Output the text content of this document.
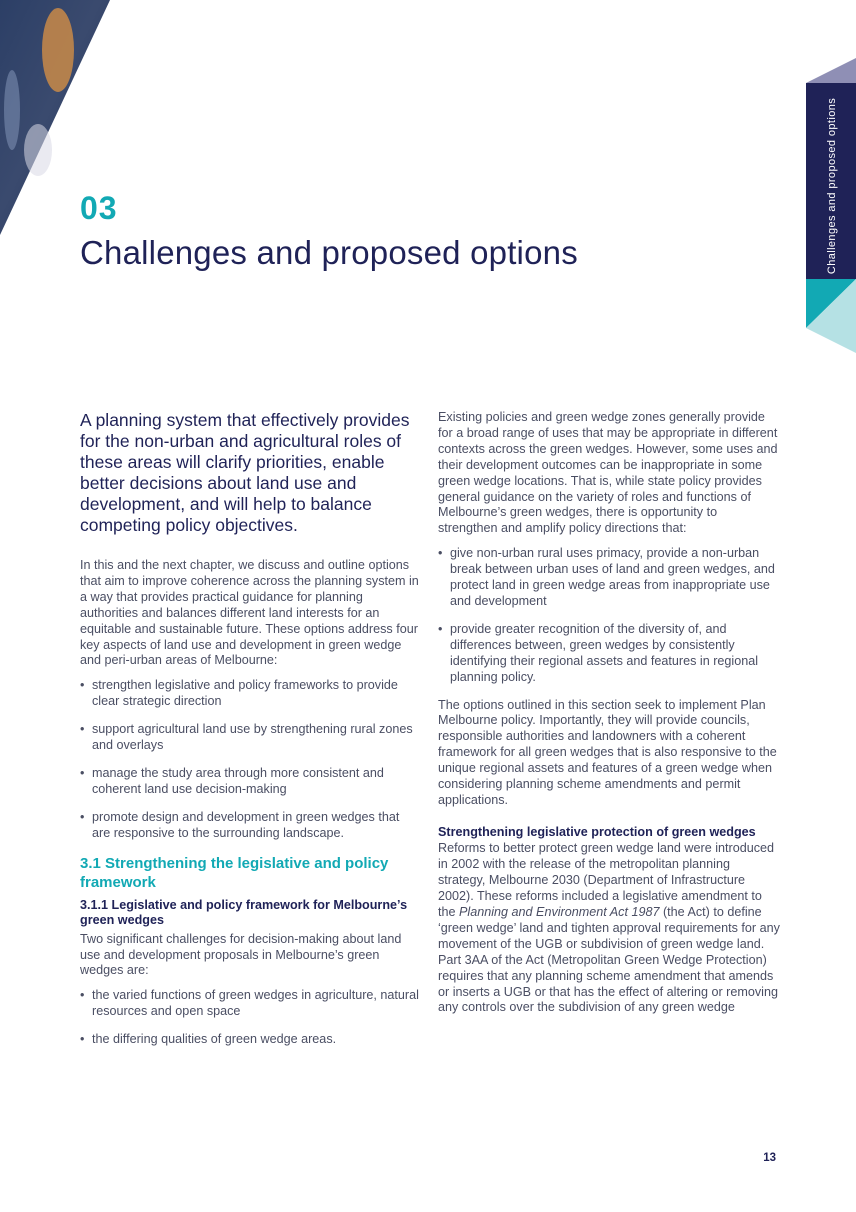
03
Challenges and proposed options	Challenges and proposed options

A planning system that effectively provides for the non-urban and agricultural roles of these areas will clarify priorities, enable better decisions about land use and development, and will help to balance competing policy objectives.

In this and the next chapter, we discuss and outline options that aim to improve coherence across the planning system in a way that provides practical guidance for planning authorities and balances different land interests for an equitable and sustainable future. These options address four key aspects of land use and development in green wedge and peri-urban areas of Melbourne:

• strengthen legislative and policy frameworks to provide clear strategic direction
• support agricultural land use by strengthening rural zones and overlays
• manage the study area through more consistent and coherent land use decision-making
• promote design and development in green wedges that are responsive to the surrounding landscape.
3.1 Strengthening the legislative and policy framework
3.1.1 Legislative and policy framework for Melbourne’s green wedges

Two significant challenges for decision-making about land use and development proposals in Melbourne’s green wedges are:

• the varied functions of green wedges in agriculture, natural resources and open space
• the differing qualities of green wedge areas.

Existing policies and green wedge zones generally provide for a broad range of uses that may be appropriate in different contexts across the green wedges. However, some uses and their development outcomes can be inappropriate in some green wedge locations. That is, while state policy provides general guidance on the variety of roles and functions of Melbourne’s green wedges, there is opportunity to strengthen and amplify policy directions that:

• give non-urban rural uses primacy, provide a non-urban break between urban uses of land and green wedges, and protect land in green wedge areas from inappropriate use and development
• provide greater recognition of the diversity of, and differences between, green wedges by consistently identifying their regional assets and features in regional planning policy.

The options outlined in this section seek to implement Plan Melbourne policy. Importantly, they will provide councils, responsible authorities and landowners with a coherent framework for all green wedges that is also responsive to the unique regional assets and features of a green wedge when considering planning scheme amendments and permit applications.

Strengthening legislative protection of green wedges

Reforms to better protect green wedge land were introduced in 2002 with the release of the metropolitan planning strategy, Melbourne 2030 (Department of Infrastructure 2002). These reforms included a legislative amendment to the Planning and Environment Act 1987 (the Act) to define ‘green wedge’ land and tighten approval requirements for any movement of the UGB or subdivision of green wedge land. Part 3AA of the Act (Metropolitan Green Wedge Protection) requires that any planning scheme amendment that amends or inserts a UGB or that has the effect of altering or removing any controls over the subdivision of any green wedge

13
